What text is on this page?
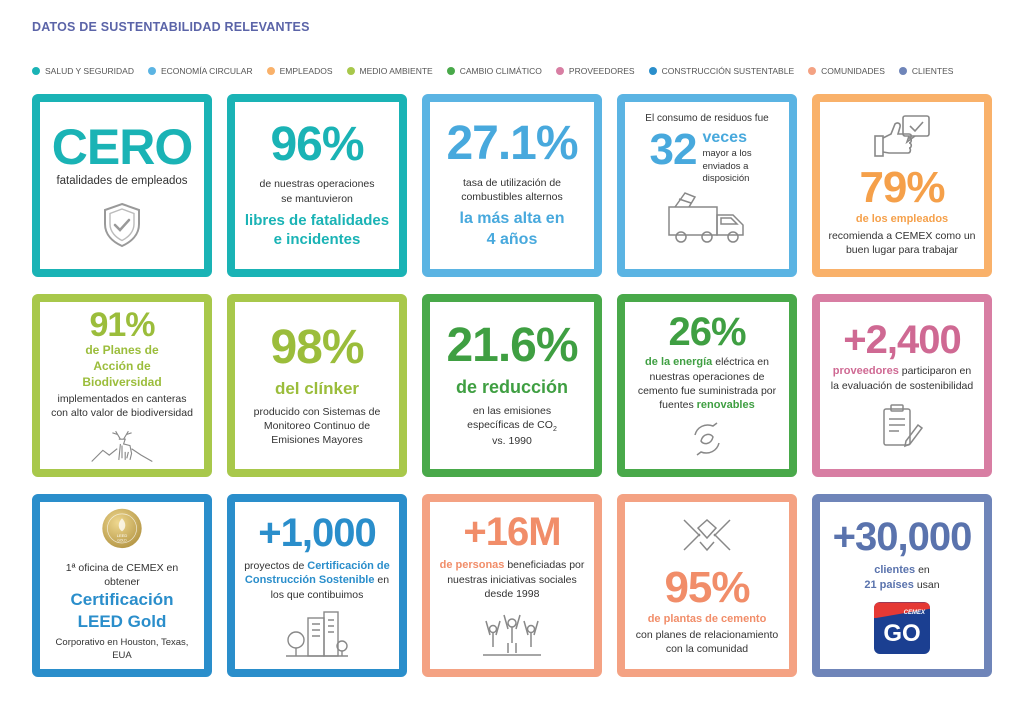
DATOS DE SUSTENTABILIDAD RELEVANTES
SALUD Y SEGURIDAD	ECONOMÍA CIRCULAR	EMPLEADOS	MEDIO AMBIENTE	CAMBIO CLIMÁTICO	PROVEEDORES	CONSTRUCCIÓN SUSTENTABLE	COMUNIDADES	CLIENTES
CERO
fatalidades de empleados
96%
de nuestras operaciones se mantuvieron
libres de fatalidades e incidentes
27.1%
tasa de utilización de combustibles alternos
la más alta en 4 años
El consumo de residuos fue
32 veces
mayor a los enviados a disposición	79%
de los empleados
recomienda a CEMEX como un buen lugar para trabajar
91%
de Planes de Acción de Biodiversidad
implementados en canteras con alto valor de biodiversidad
98%
del clínker
producido con Sistemas de Monitoreo Continuo de Emisiones Mayores
21.6%
de reducción
en las emisiones específicas de $CO_2$
vs. 1990
26%
de la energía eléctrica en nuestras operaciones de cemento fue suministrada por fuentes renovables
+2,400
proveedores participaron en la evaluación de sostenibilidad
LEED
GOLD
1ª oficina de CEMEX en obtener
Certificación LEED Gold
Corporativo en Houston, Texas, EUA
+1,000
proyectos de Certificación de Construcción Sostenible en los que contibuimos
+16M
de personas beneficiadas por nuestras iniciativas sociales desde 1998	95%
de plantas de cemento
con planes de relacionamiento con la comunidad
+30,000
clientes en
21 países usan
CEMEX
GO
